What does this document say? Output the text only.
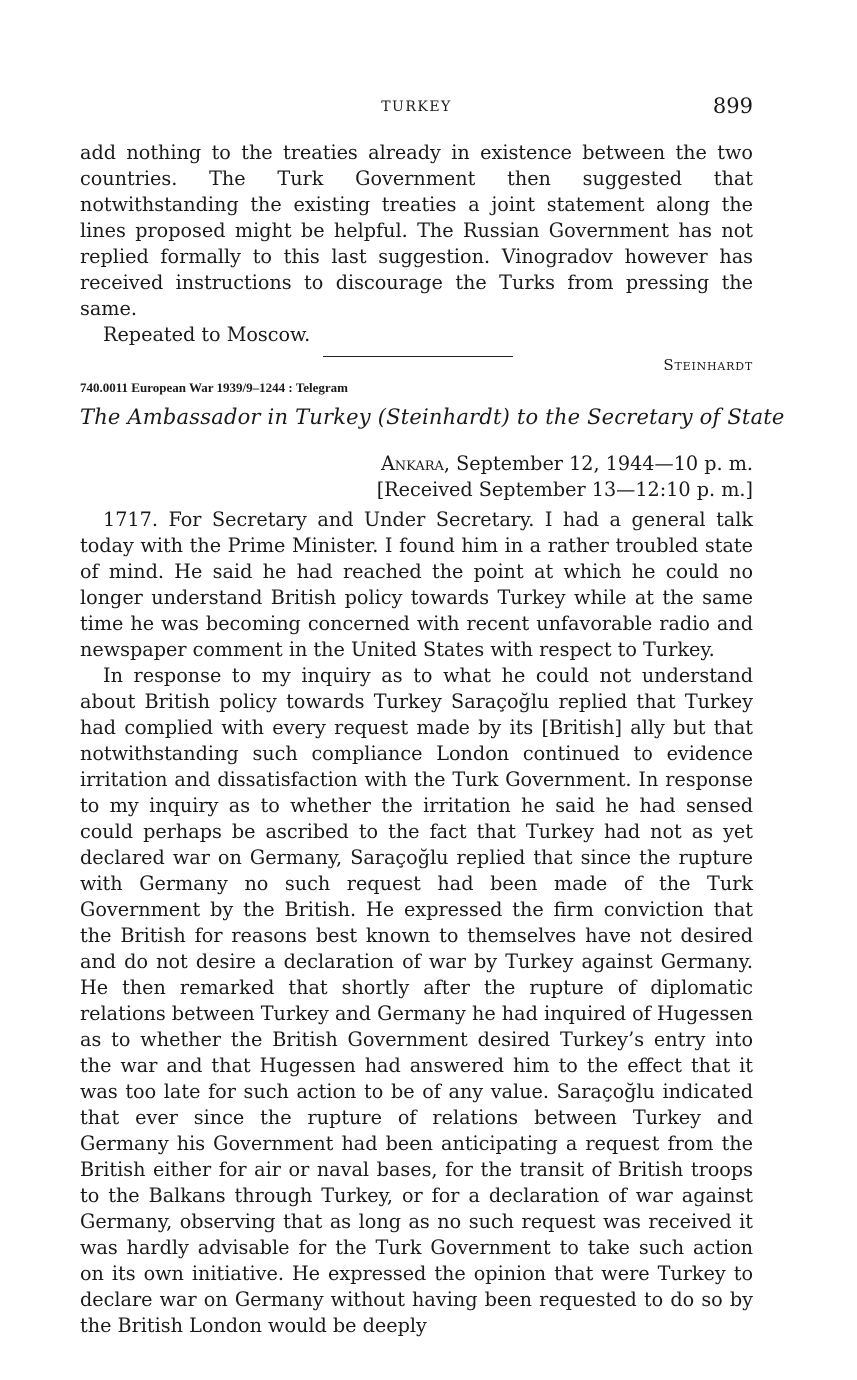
TURKEY	899

add nothing to the treaties already in existence between the two countries. The Turk Government then suggested that notwithstanding the existing treaties a joint statement along the lines proposed might be helpful. The Russian Government has not replied formally to this last suggestion. Vinogradov however has received instructions to discourage the Turks from pressing the same.

Repeated to Moscow.

Steinhardt
740.0011 European War 1939/9–1244 : Telegram
The Ambassador in Turkey (Steinhardt) to the Secretary of State
Ankara, September 12, 1944—10 p. m.
[Received September 13—12:10 p. m.]

1717. For Secretary and Under Secretary. I had a general talk today with the Prime Minister. I found him in a rather troubled state of mind. He said he had reached the point at which he could no longer understand British policy towards Turkey while at the same time he was becoming concerned with recent unfavorable radio and newspaper comment in the United States with respect to Turkey.

In response to my inquiry as to what he could not understand about British policy towards Turkey Saraçoğlu replied that Turkey had complied with every request made by its [British] ally but that notwithstanding such compliance London continued to evidence irritation and dissatisfaction with the Turk Government. In response to my inquiry as to whether the irritation he said he had sensed could perhaps be ascribed to the fact that Turkey had not as yet declared war on Germany, Saraçoğlu replied that since the rupture with Germany no such request had been made of the Turk Government by the British. He expressed the firm conviction that the British for reasons best known to themselves have not desired and do not desire a declaration of war by Turkey against Germany. He then remarked that shortly after the rupture of diplomatic relations between Turkey and Germany he had inquired of Hugessen as to whether the British Government desired Turkey’s entry into the war and that Hugessen had answered him to the effect that it was too late for such action to be of any value. Saraçoğlu indicated that ever since the rupture of relations between Turkey and Germany his Government had been anticipating a request from the British either for air or naval bases, for the transit of British troops to the Balkans through Turkey, or for a declaration of war against Germany, observing that as long as no such request was received it was hardly advisable for the Turk Government to take such action on its own initiative. He expressed the opinion that were Turkey to declare war on Germany without having been requested to do so by the British London would be deeply
